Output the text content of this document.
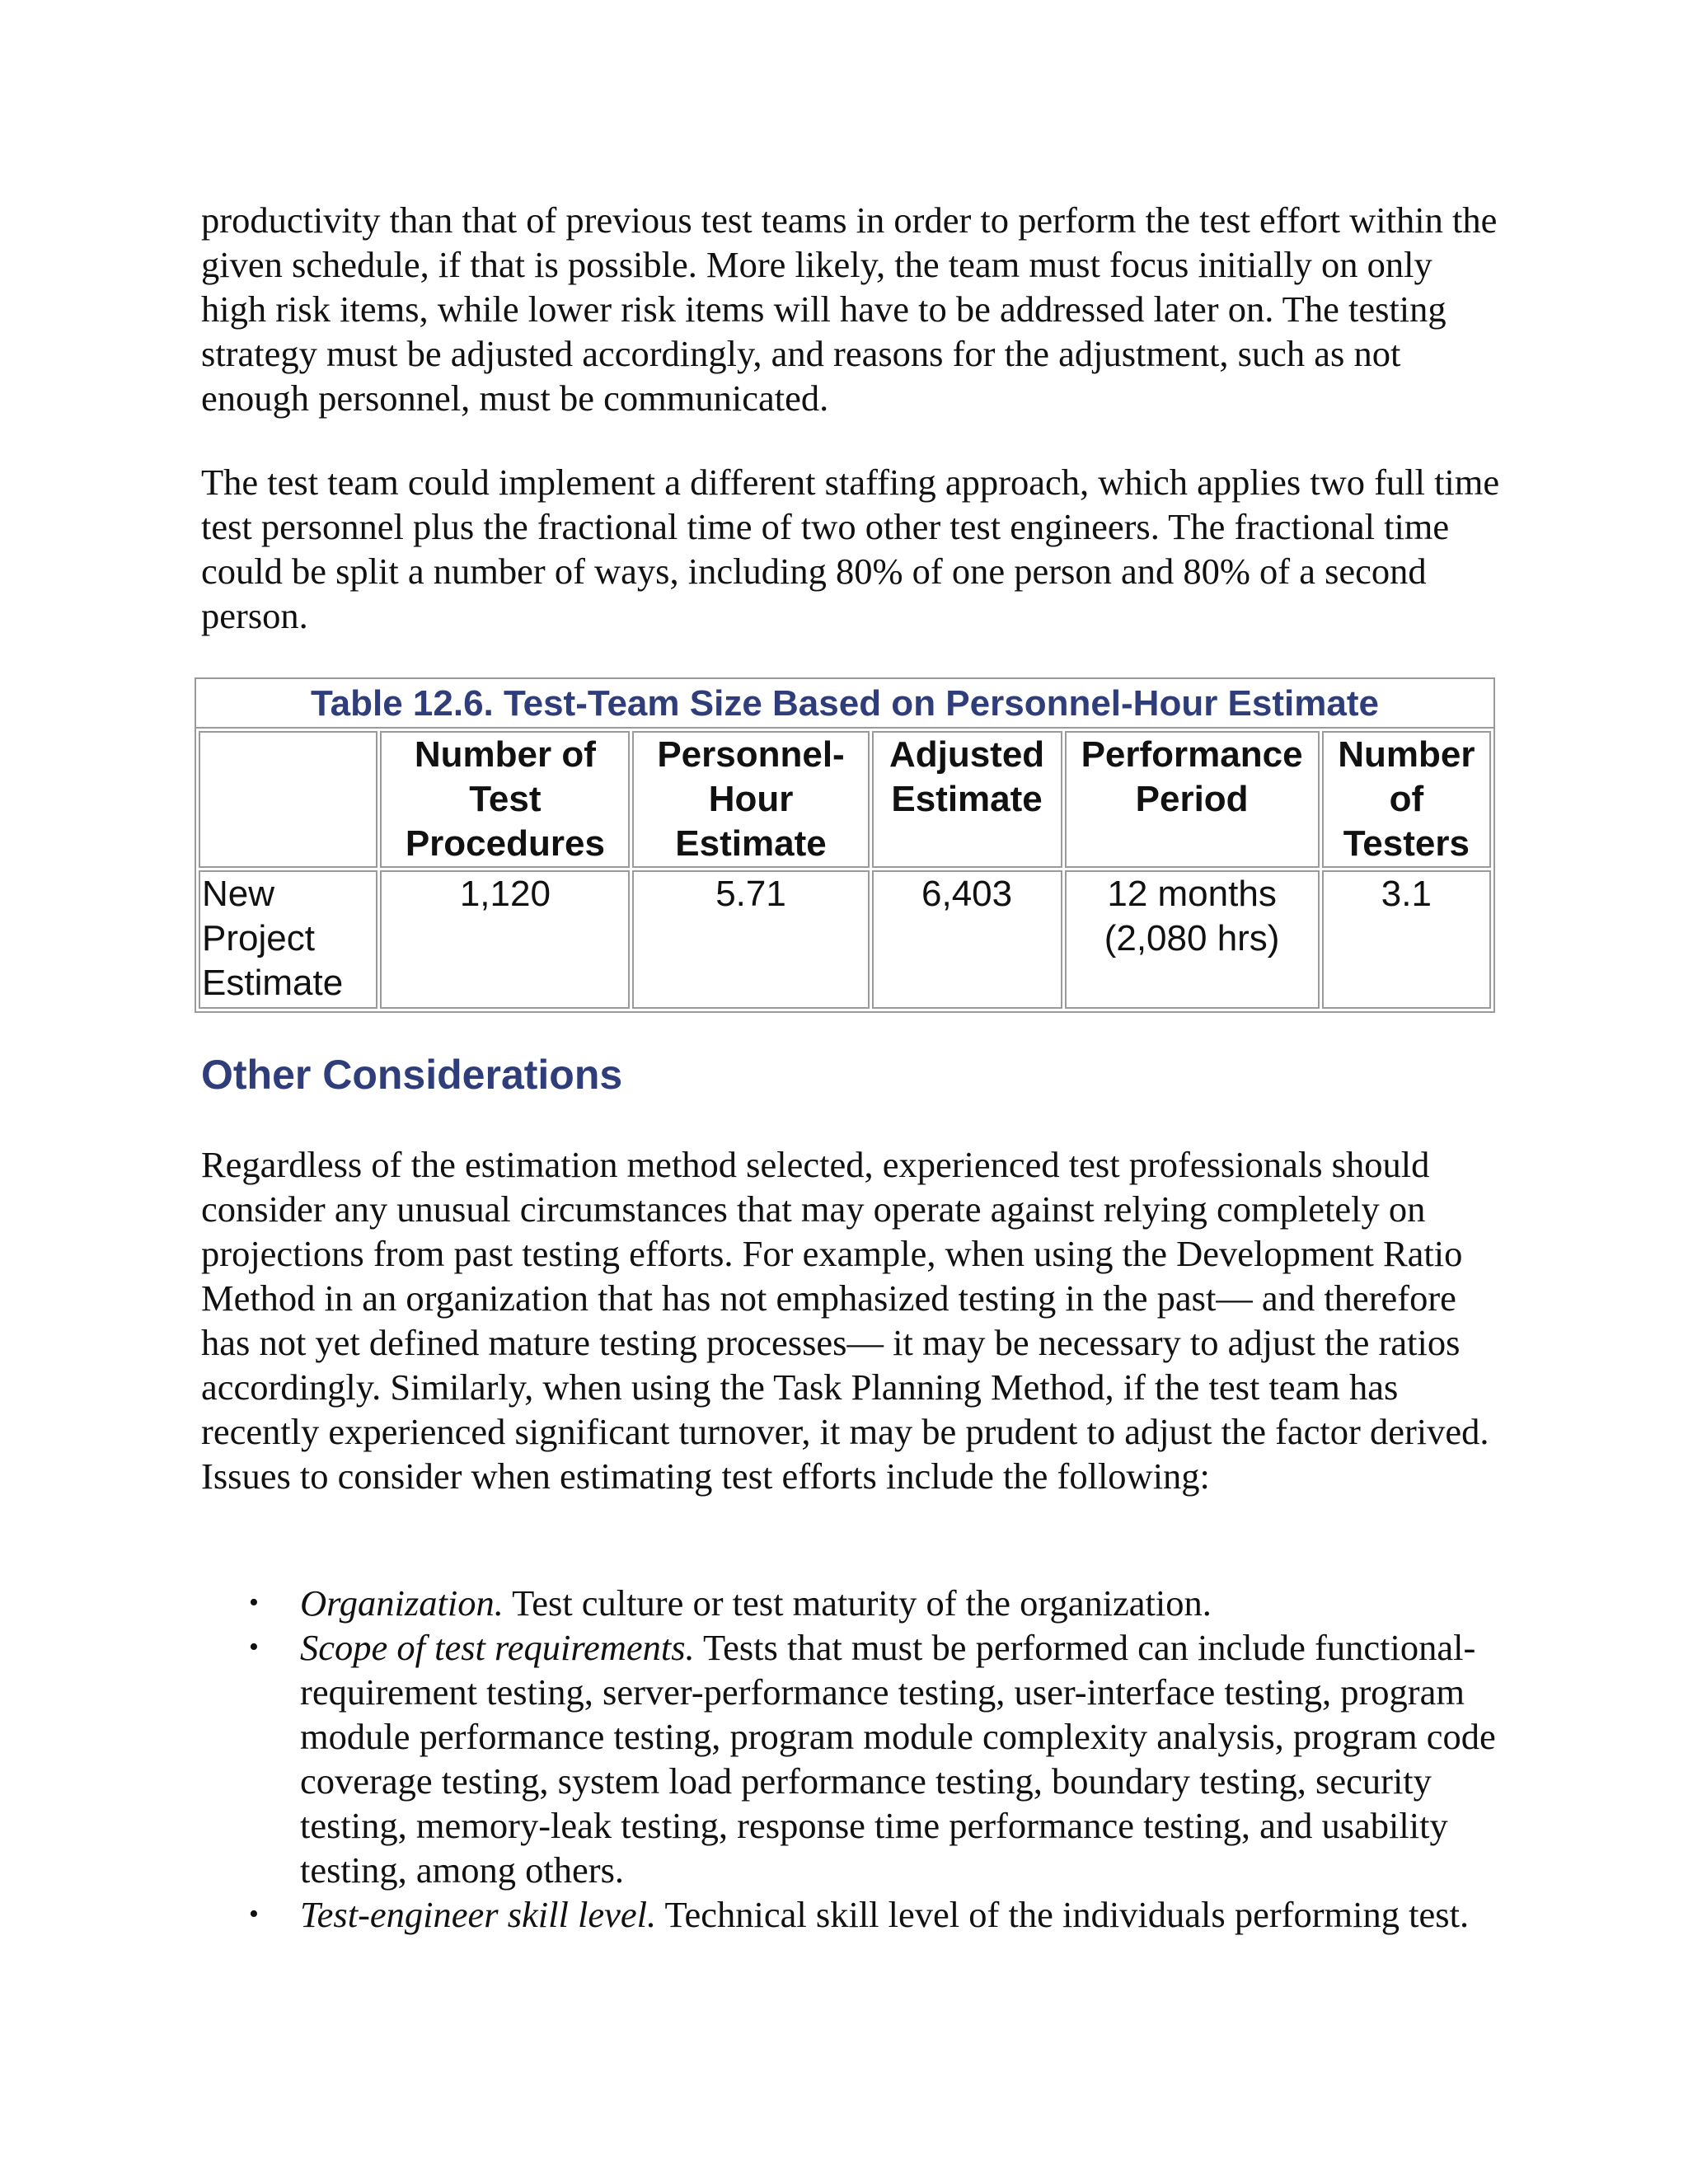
productivity than that of previous test teams in order to perform the test effort within the given schedule, if that is possible. More likely, the team must focus initially on only high risk items, while lower risk items will have to be addressed later on. The testing strategy must be adjusted accordingly, and reasons for the adjustment, such as not enough personnel, must be communicated.

The test team could implement a different staffing approach, which applies two full time test personnel plus the fractional time of two other test engineers. The fractional time could be split a number of ways, including 80% of one person and 80% of a second person.

Table 12.6. Test-Team Size Based on Personnel-Hour Estimate
	Number of Test Procedures	Personnel-Hour Estimate	Adjusted Estimate	Performance Period	Number of Testers
New Project Estimate	1,120	5.71	6,403	12 months (2,080 hrs)	3.1
Other Considerations

Regardless of the estimation method selected, experienced test professionals should consider any unusual circumstances that may operate against relying completely on projections from past testing efforts. For example, when using the Development Ratio Method in an organization that has not emphasized testing in the past— and therefore has not yet defined mature testing processes— it may be necessary to adjust the ratios accordingly. Similarly, when using the Task Planning Method, if the test team has recently experienced significant turnover, it may be prudent to adjust the factor derived. Issues to consider when estimating test efforts include the following:

• Organization. Test culture or test maturity of the organization.
• Scope of test requirements. Tests that must be performed can include functional-requirement testing, server-performance testing, user-interface testing, program module performance testing, program module complexity analysis, program code coverage testing, system load performance testing, boundary testing, security testing, memory-leak testing, response time performance testing, and usability testing, among others.
• Test-engineer skill level. Technical skill level of the individuals performing test.
